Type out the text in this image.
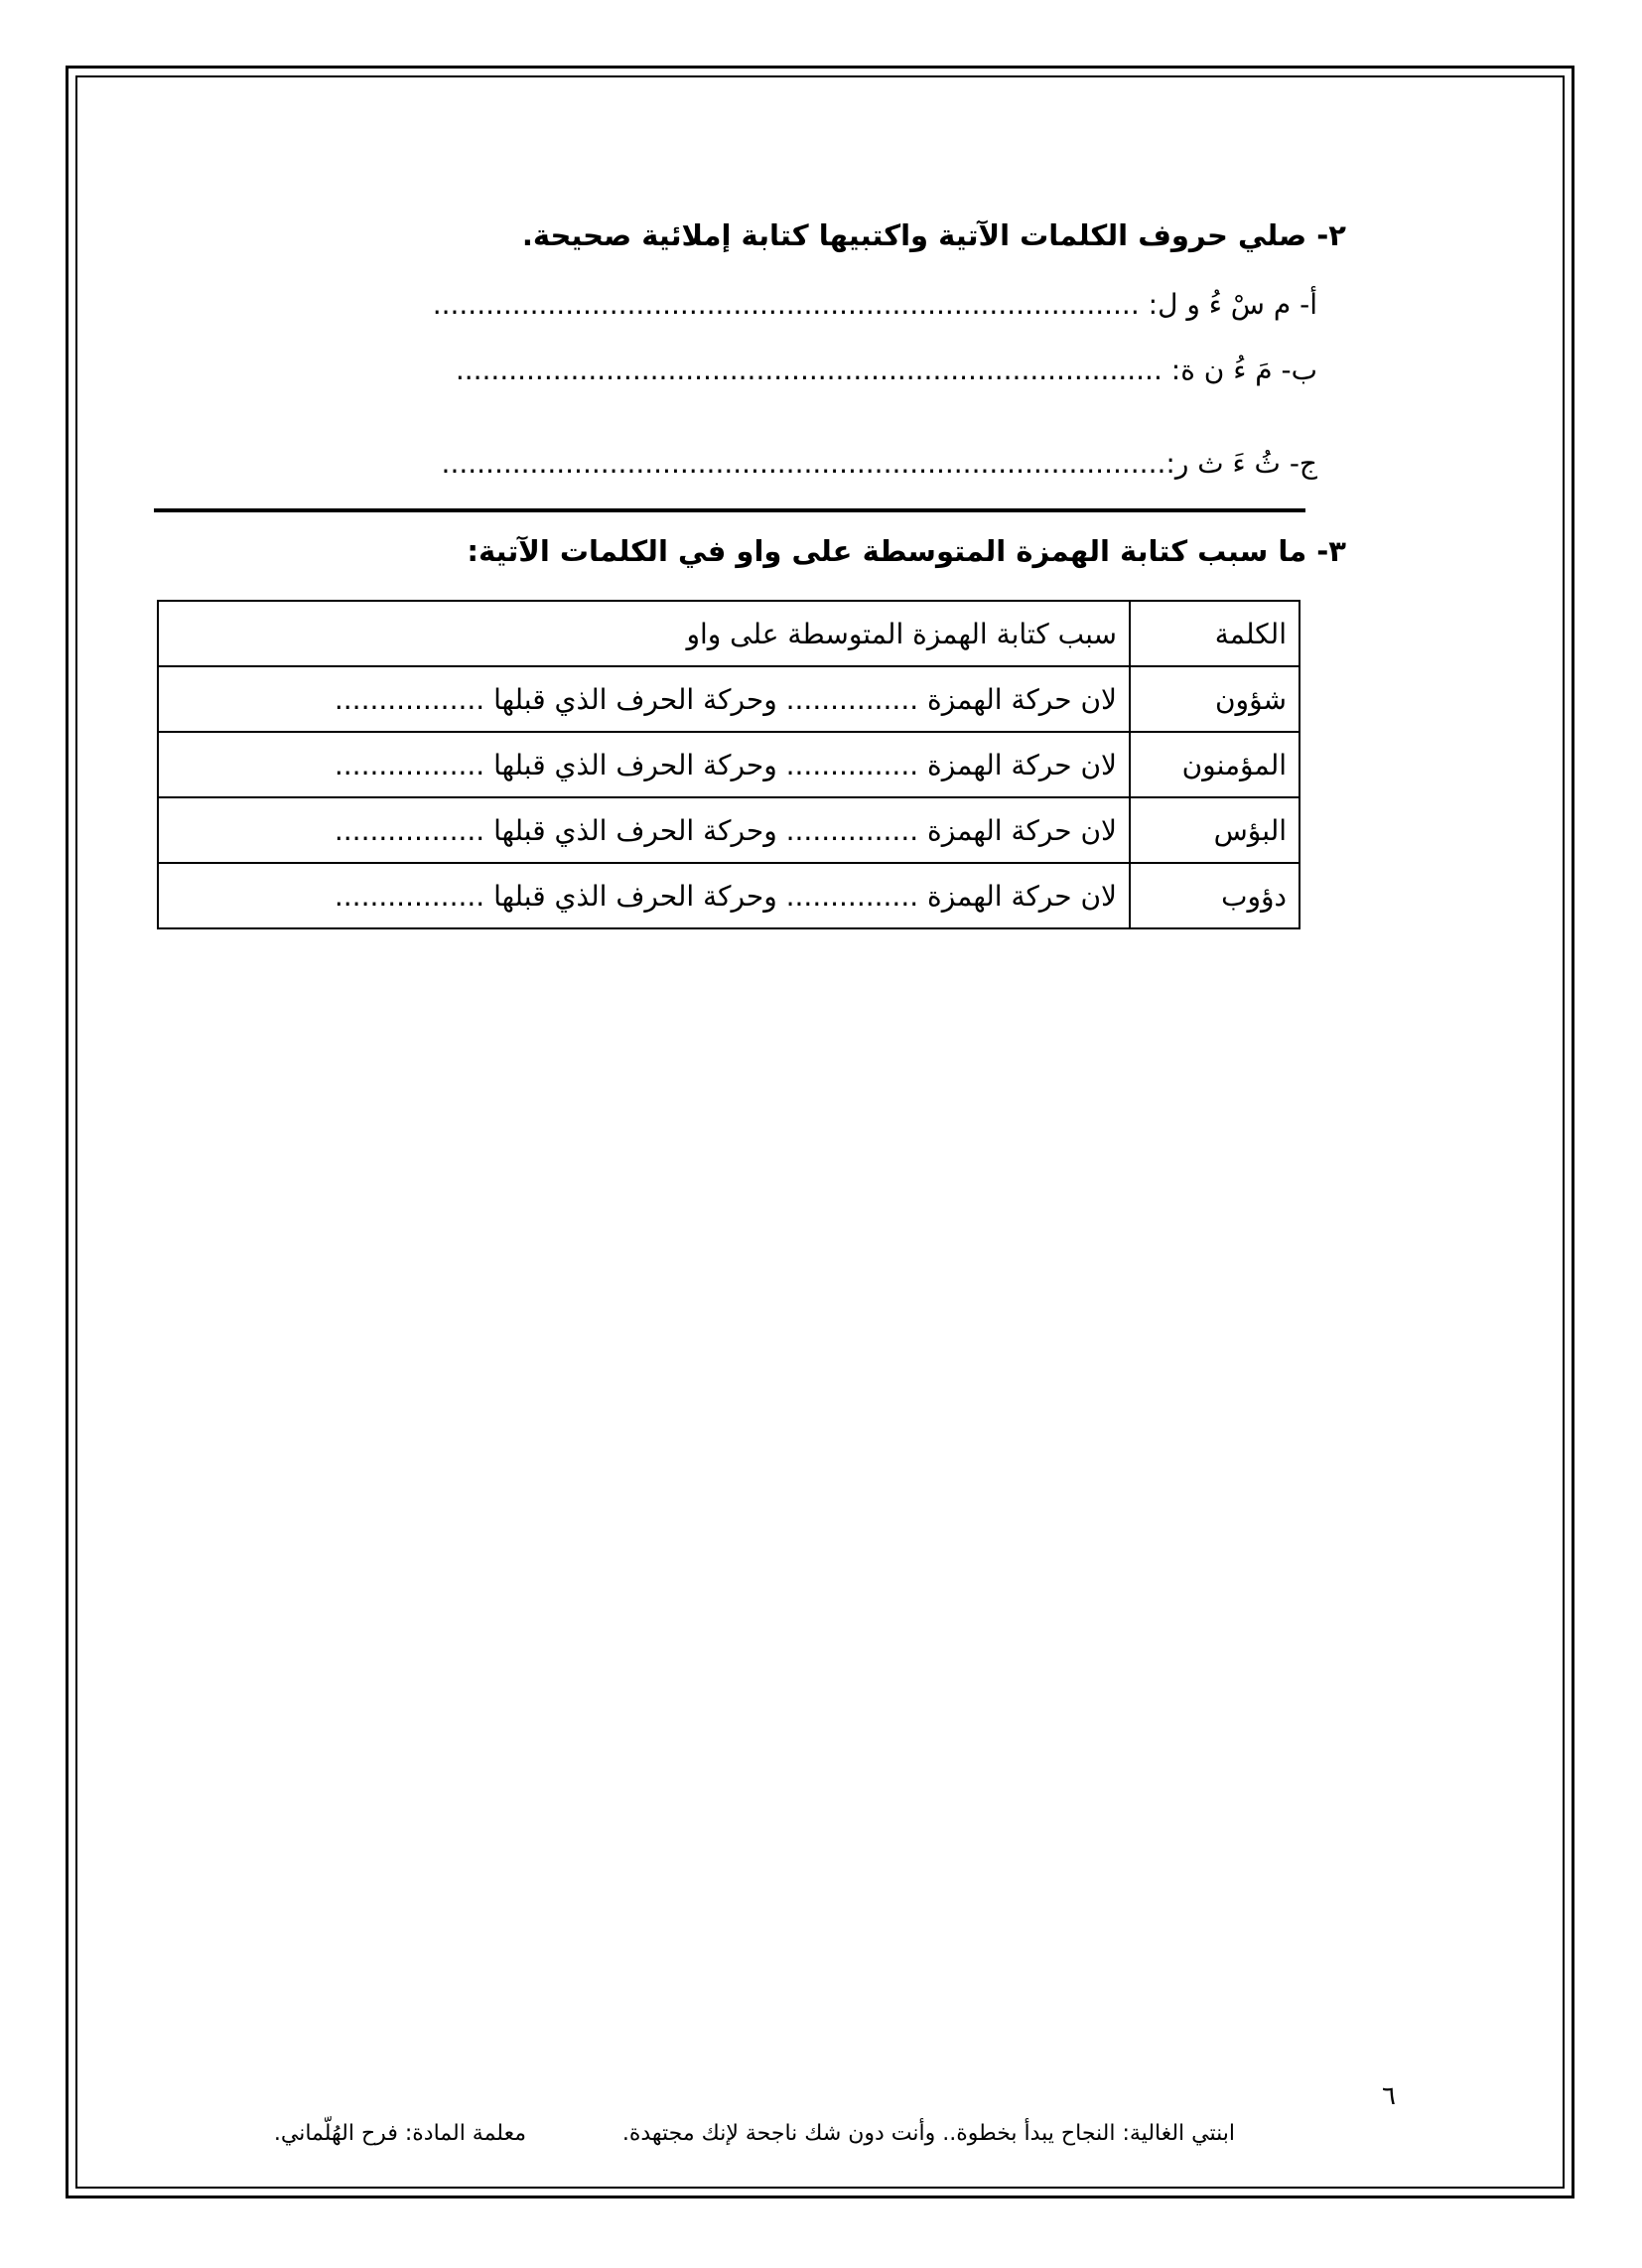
٢- صلي حروف الكلمات الآتية واكتبيها كتابة إملائية صحيحة.
أ- م سْ ءُ و ل: ................................................................................
ب- مَ ءُ ن ة: ................................................................................
ج- ثُ ءَ ث ر:..................................................................................
٣- ما سبب كتابة الهمزة المتوسطة على واو في الكلمات الآتية:
الكلمة	سبب كتابة الهمزة المتوسطة على واو
شؤون	لان حركة الهمزة ............... وحركة الحرف الذي قبلها .................
المؤمنون	لان حركة الهمزة ............... وحركة الحرف الذي قبلها .................
البؤس	لان حركة الهمزة ............... وحركة الحرف الذي قبلها .................
دؤوب	لان حركة الهمزة ............... وحركة الحرف الذي قبلها .................
٦
ابنتي الغالية: النجاح يبدأ بخطوة.. وأنت دون شك ناجحة لإنك مجتهدة.
معلمة المادة: فرح الهُلّماني.
